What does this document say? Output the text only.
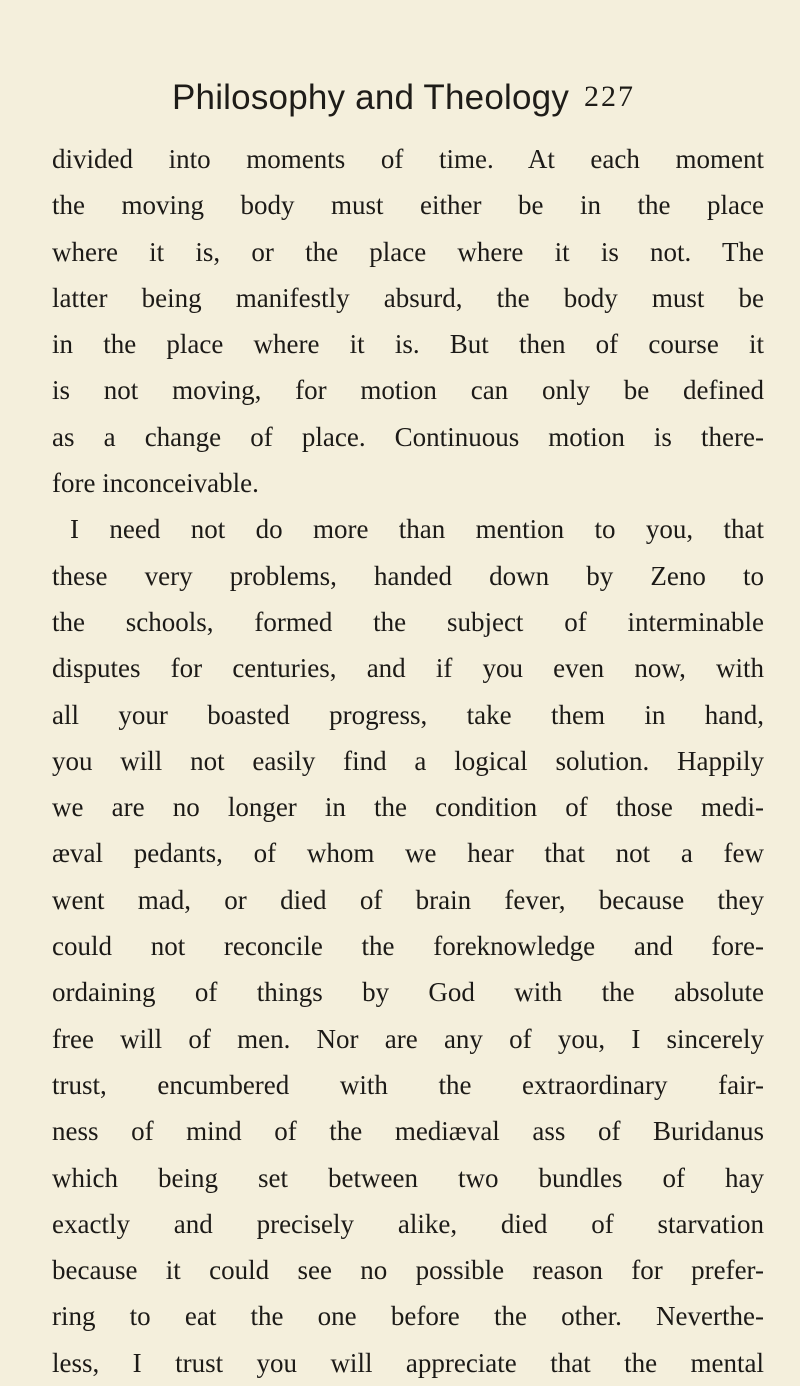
Philosophy and Theology 227
divided into moments of time. At each moment
the moving body must either be in the place
where it is, or the place where it is not. The
latter being manifestly absurd, the body must be
in the place where it is. But then of course it
is not moving, for motion can only be defined
as a change of place. Continuous motion is there-
fore inconceivable.
I need not do more than mention to you, that
these very problems, handed down by Zeno to
the schools, formed the subject of interminable
disputes for centuries, and if you even now, with
all your boasted progress, take them in hand,
you will not easily find a logical solution. Happily
we are no longer in the condition of those medi-
æval pedants, of whom we hear that not a few
went mad, or died of brain fever, because they
could not reconcile the foreknowledge and fore-
ordaining of things by God with the absolute
free will of men. Nor are any of you, I sincerely
trust, encumbered with the extraordinary fair-
ness of mind of the mediæval ass of Buridanus
which being set between two bundles of hay
exactly and precisely alike, died of starvation
because it could see no possible reason for prefer-
ring to eat the one before the other. Neverthe-
less, I trust you will appreciate that the mental
